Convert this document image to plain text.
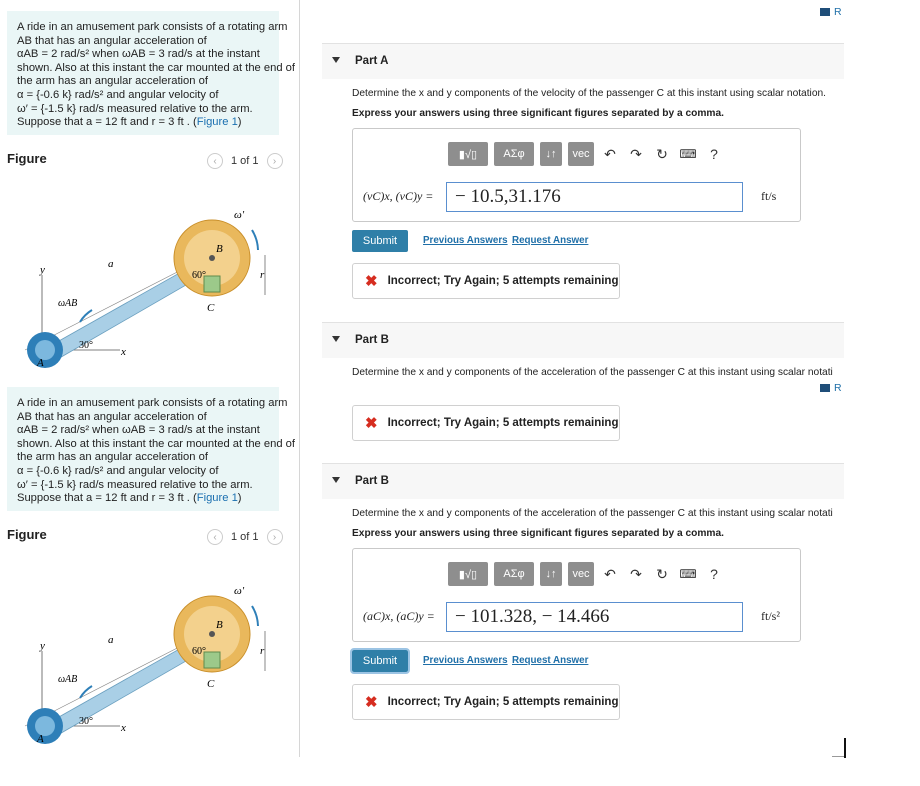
A ride in an amusement park consists of a rotating arm
AB that has an angular acceleration of
αAB = 2 rad/s² when ωAB = 3 rad/s at the instant
shown. Also at this instant the car mounted at the end of
the arm has an angular acceleration of
α = {-0.6 k} rad/s² and angular velocity of
ω′ = {-1.5 k} rad/s measured relative to the arm.
Suppose that a = 12 ft and r = 3 ft . (Figure 1)
Figure	‹	1 of 1	›
ω′
B
a
y	60°	r
C
ωAB
30°
x
A
A ride in an amusement park consists of a rotating arm
AB that has an angular acceleration of
αAB = 2 rad/s² when ωAB = 3 rad/s at the instant
shown. Also at this instant the car mounted at the end of
the arm has an angular acceleration of
α = {-0.6 k} rad/s² and angular velocity of
ω′ = {-1.5 k} rad/s measured relative to the arm.
Suppose that a = 12 ft and r = 3 ft . (Figure 1)
Figure	‹	1 of 1	›
ω′
B
a
y	60°	r
C
ωAB
30°
x
A
R
Part A
Determine the x and y components of the velocity of the passenger C at this instant using scalar notation.
Express your answers using three significant figures separated by a comma.
▮√▯	ΑΣφ	↓↑	vec	↶ ↷ ↻ ⌨ ?
(vC)x, (vC)y =	− 10.5,31.176	ft/s
Submit	Previous Answers Request Answer
✖ Incorrect; Try Again; 5 attempts remaining
Part B
Determine the x and y components of the acceleration of the passenger C at this instant using scalar notati
R
✖ Incorrect; Try Again; 5 attempts remaining
Part B
Determine the x and y components of the acceleration of the passenger C at this instant using scalar notati
Express your answers using three significant figures separated by a comma.
▮√▯	ΑΣφ	↓↑	vec	↶ ↷ ↻ ⌨ ?
(aC)x, (aC)y =	− 101.328, − 14.466	ft/s²
Submit	Previous Answers Request Answer
✖ Incorrect; Try Again; 5 attempts remaining
